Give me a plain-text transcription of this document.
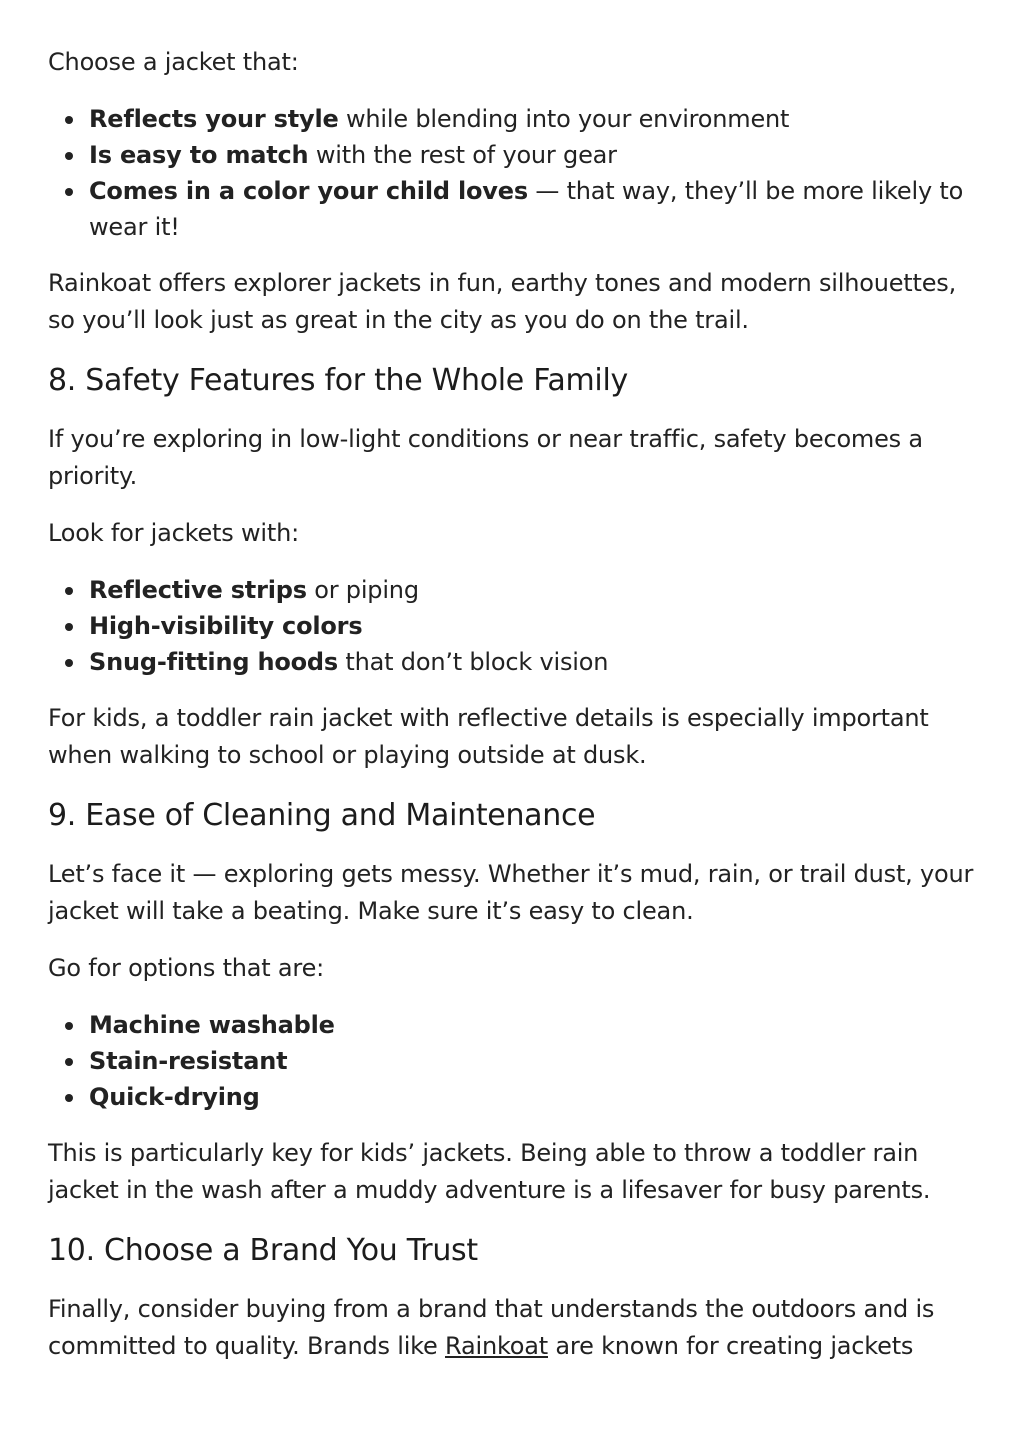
Choose a jacket that:

Reflects your style while blending into your environment
Is easy to match with the rest of your gear
Comes in a color your child loves — that way, they’ll be more likely to wear it!

Rainkoat offers explorer jackets in fun, earthy tones and modern silhouettes, so you’ll look just as great in the city as you do on the trail.

8. Safety Features for the Whole Family

If you’re exploring in low-light conditions or near traffic, safety becomes a priority.

Look for jackets with:

Reflective strips or piping
High-visibility colors
Snug-fitting hoods that don’t block vision

For kids, a toddler rain jacket with reflective details is especially important when walking to school or playing outside at dusk.

9. Ease of Cleaning and Maintenance

Let’s face it — exploring gets messy. Whether it’s mud, rain, or trail dust, your jacket will take a beating. Make sure it’s easy to clean.

Go for options that are:

Machine washable
Stain-resistant
Quick-drying

This is particularly key for kids’ jackets. Being able to throw a toddler rain jacket in the wash after a muddy adventure is a lifesaver for busy parents.

10. Choose a Brand You Trust

Finally, consider buying from a brand that understands the outdoors and is committed to quality. Brands like Rainkoat are known for creating jackets
